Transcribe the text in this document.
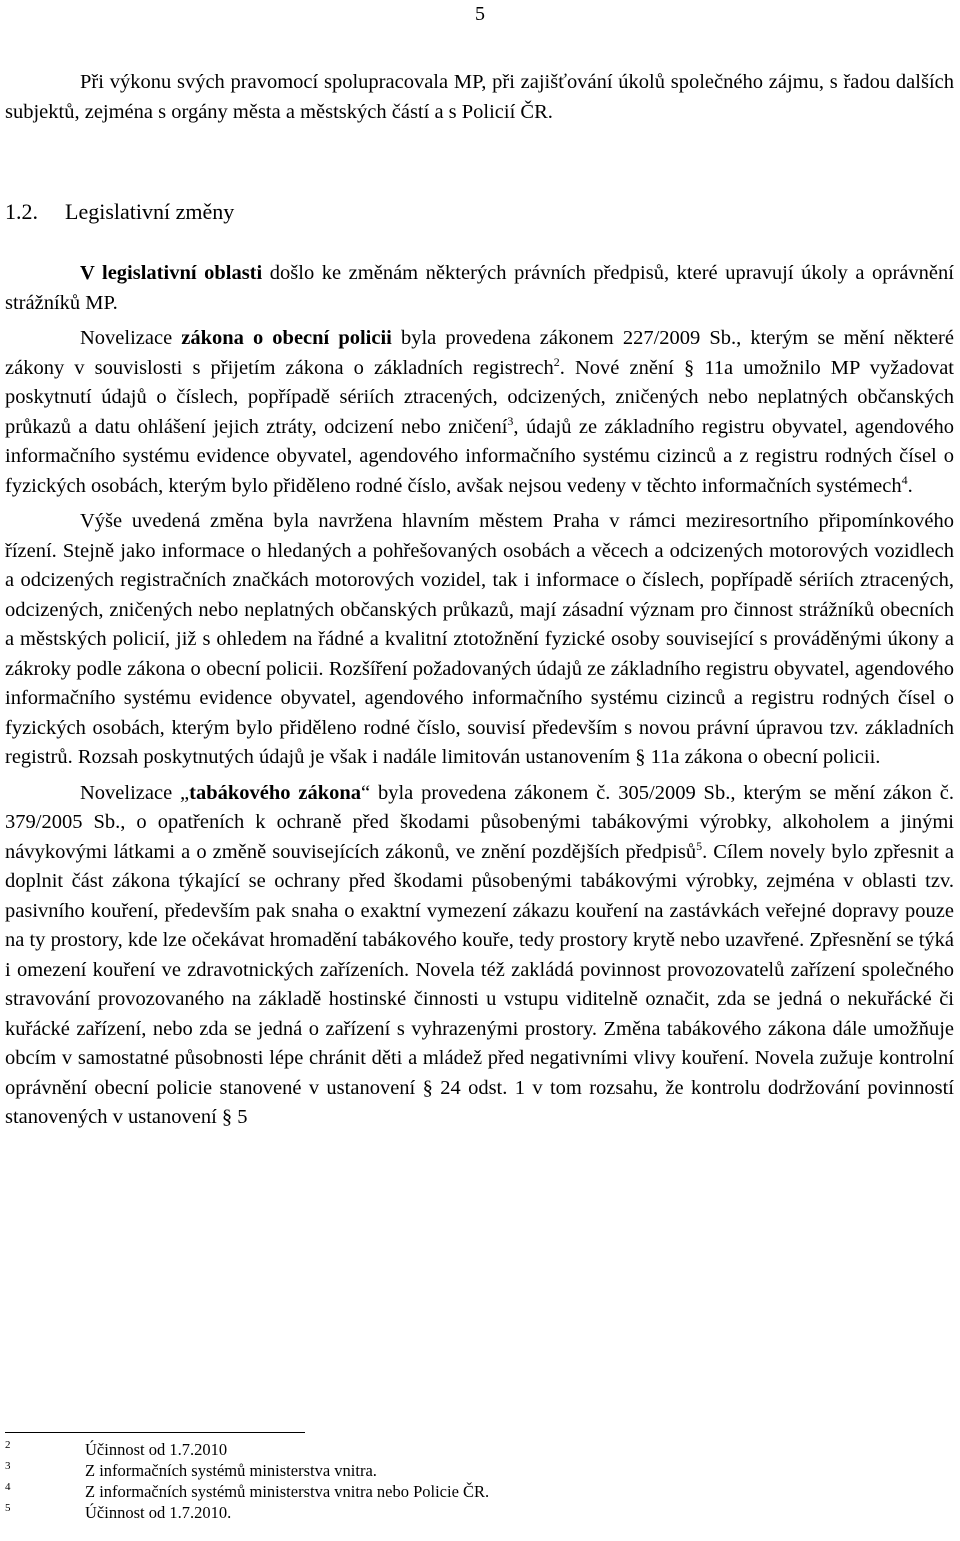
5

Při výkonu svých pravomocí spolupracovala MP, při zajišťování úkolů společného zájmu, s řadou dalších subjektů, zejména s orgány města a městských částí a s Policií ČR.

1.2. Legislativní změny

V legislativní oblasti došlo ke změnám některých právních předpisů, které upravují úkoly a oprávnění strážníků MP.

Novelizace zákona o obecní policii byla provedena zákonem 227/2009 Sb., kterým se mění některé zákony v souvislosti s přijetím zákona o základních registrech$^2$. Nové znění § 11a umožnilo MP vyžadovat poskytnutí údajů o číslech, popřípadě sériích ztracených, odcizených, zničených nebo neplatných občanských průkazů a datu ohlášení jejich ztráty, odcizení nebo zničení$^3$, údajů ze základního registru obyvatel, agendového informačního systému evidence obyvatel, agendového informačního systému cizinců a z registru rodných čísel o fyzických osobách, kterým bylo přiděleno rodné číslo, avšak nejsou vedeny v těchto informačních systémech$^4$.

Výše uvedená změna byla navržena hlavním městem Praha v rámci meziresortního připomínkového řízení. Stejně jako informace o hledaných a pohřešovaných osobách a věcech a odcizených motorových vozidlech a odcizených registračních značkách motorových vozidel, tak i informace o číslech, popřípadě sériích ztracených, odcizených, zničených nebo neplatných občanských průkazů, mají zásadní význam pro činnost strážníků obecních a městských policií, již s ohledem na řádné a kvalitní ztotožnění fyzické osoby související s prováděnými úkony a zákroky podle zákona o obecní policii. Rozšíření požadovaných údajů ze základního registru obyvatel, agendového informačního systému evidence obyvatel, agendového informačního systému cizinců a registru rodných čísel o fyzických osobách, kterým bylo přiděleno rodné číslo, souvisí především s novou právní úpravou tzv. základních registrů. Rozsah poskytnutých údajů je však i nadále limitován ustanovením § 11a zákona o obecní policii.

Novelizace „tabákového zákona“ byla provedena zákonem č. 305/2009 Sb., kterým se mění zákon č. 379/2005 Sb., o opatřeních k ochraně před škodami působenými tabákovými výrobky, alkoholem a jinými návykovými látkami a o změně souvisejících zákonů, ve znění pozdějších předpisů$^5$. Cílem novely bylo zpřesnit a doplnit část zákona týkající se ochrany před škodami působenými tabákovými výrobky, zejména v oblasti tzv. pasivního kouření, především pak snaha o exaktní vymezení zákazu kouření na zastávkách veřejné dopravy pouze na ty prostory, kde lze očekávat hromadění tabákového kouře, tedy prostory krytě nebo uzavřené. Zpřesnění se týká i omezení kouření ve zdravotnických zařízeních. Novela též zakládá povinnost provozovatelů zařízení společného stravování provozovaného na základě hostinské činnosti u vstupu viditelně označit, zda se jedná o nekuřácké či kuřácké zařízení, nebo zda se jedná o zařízení s vyhrazenými prostory. Změna tabákového zákona dále umožňuje obcím v samostatné působnosti lépe chránit děti a mládež před negativními vlivy kouření. Novela zužuje kontrolní oprávnění obecní policie stanovené v ustanovení § 24 odst. 1 v tom rozsahu, že kontrolu dodržování povinností stanovených v ustanovení § 5

2	Účinnost od 1.7.2010
3	Z informačních systémů ministerstva vnitra.
4	Z informačních systémů ministerstva vnitra nebo Policie ČR.
5	Účinnost od 1.7.2010.
